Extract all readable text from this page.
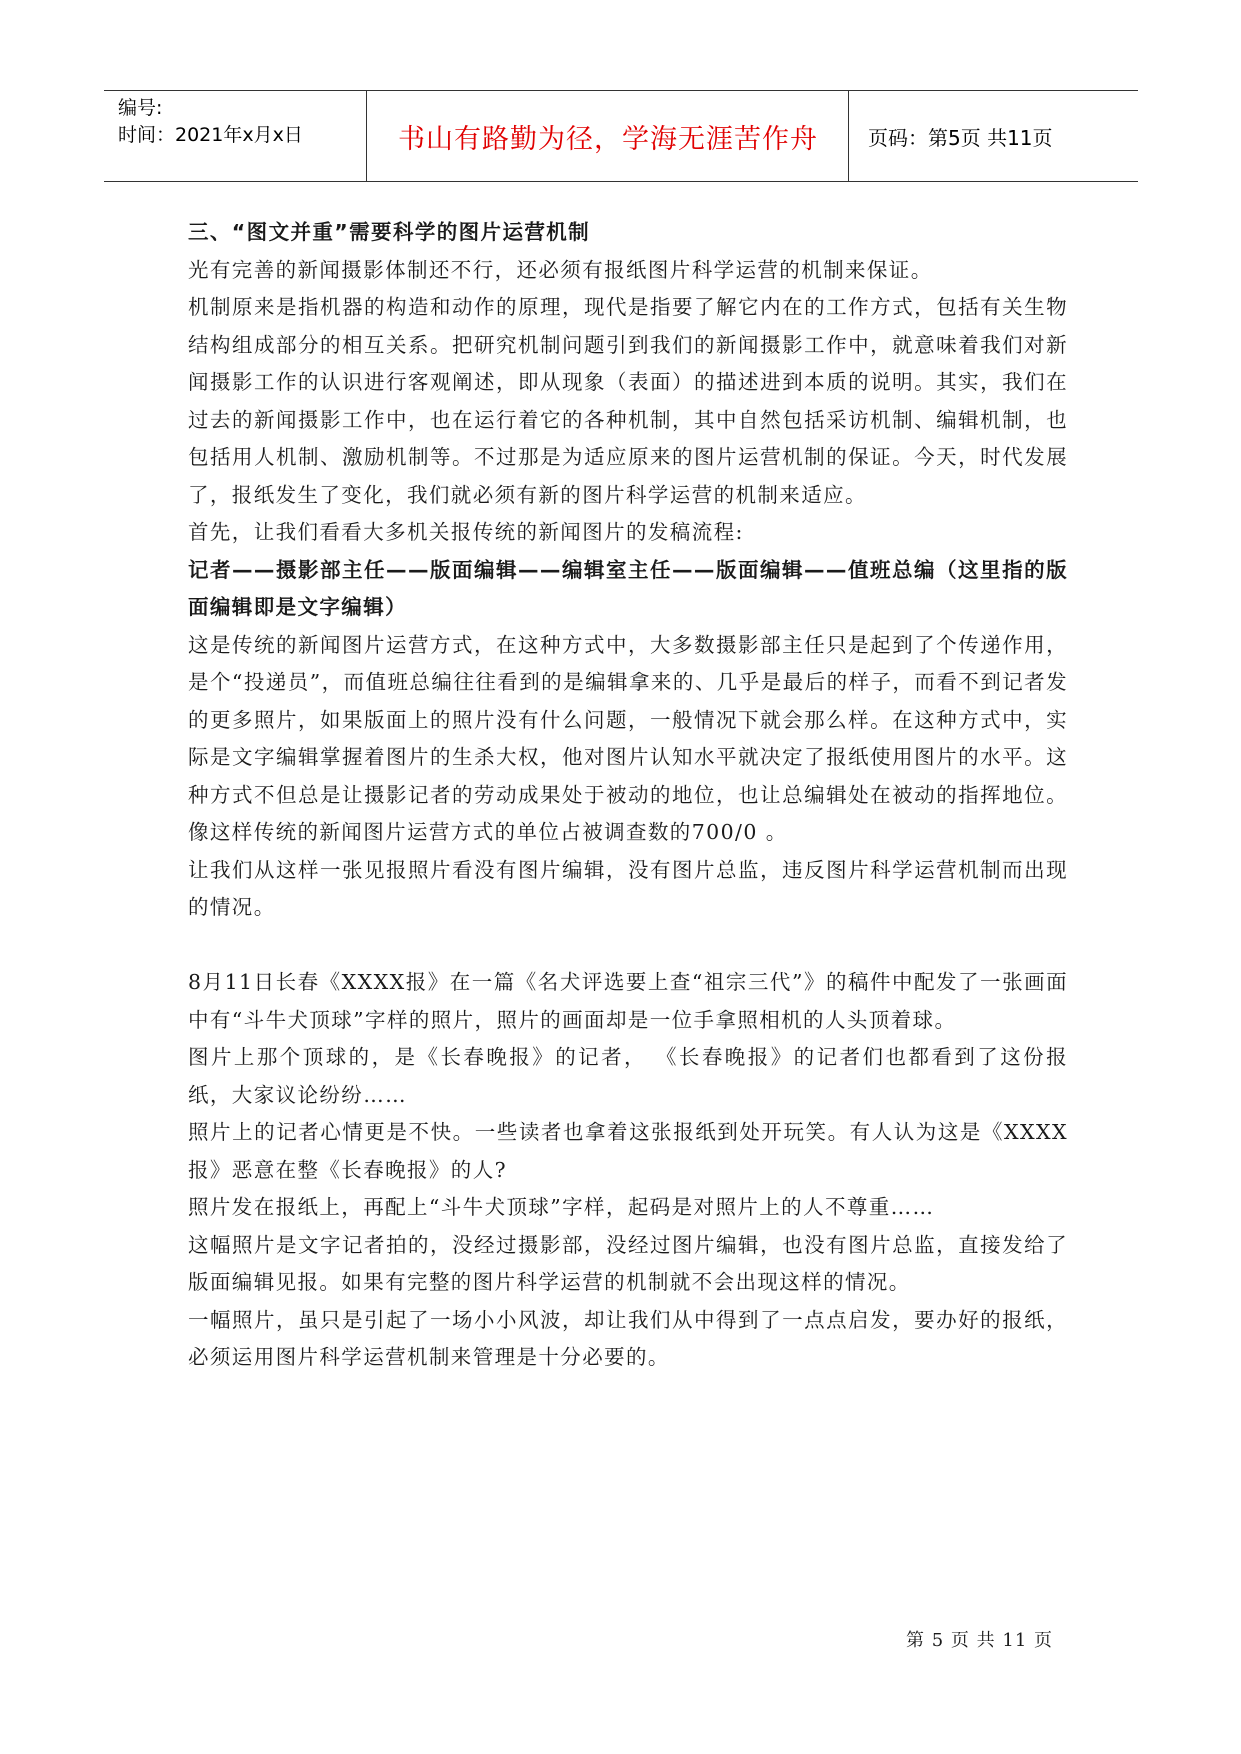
编号:
时间：2021年x月x日	书山有路勤为径，学海无涯苦作舟	页码：第5页 共11页

三、“图文并重”需要科学的图片运营机制

光有完善的新闻摄影体制还不行，还必须有报纸图片科学运营的机制来保证。

机制原来是指机器的构造和动作的原理，现代是指要了解它内在的工作方式，包括有关生物结构组成部分的相互关系。把研究机制问题引到我们的新闻摄影工作中，就意味着我们对新闻摄影工作的认识进行客观阐述，即从现象（表面）的描述进到本质的说明。其实，我们在过去的新闻摄影工作中，也在运行着它的各种机制，其中自然包括采访机制、编辑机制，也包括用人机制、激励机制等。不过那是为适应原来的图片运营机制的保证。今天，时代发展了，报纸发生了变化，我们就必须有新的图片科学运营的机制来适应。

首先，让我们看看大多机关报传统的新闻图片的发稿流程:

记者——摄影部主任——版面编辑——编辑室主任——版面编辑——值班总编（这里指的版面编辑即是文字编辑）

这是传统的新闻图片运营方式，在这种方式中，大多数摄影部主任只是起到了个传递作用，是个“投递员”，而值班总编往往看到的是编辑拿来的、几乎是最后的样子，而看不到记者发的更多照片，如果版面上的照片没有什么问题，一般情况下就会那么样。在这种方式中，实际是文字编辑掌握着图片的生杀大权，他对图片认知水平就决定了报纸使用图片的水平。这种方式不但总是让摄影记者的劳动成果处于被动的地位，也让总编辑处在被动的指挥地位。像这样传统的新闻图片运营方式的单位占被调查数的700/0 。

让我们从这样一张见报照片看没有图片编辑，没有图片总监，违反图片科学运营机制而出现的情况。

8月11日长春《XXXX报》在一篇《名犬评选要上查“祖宗三代”》的稿件中配发了一张画面中有“斗牛犬顶球”字样的照片，照片的画面却是一位手拿照相机的人头顶着球。

图片上那个顶球的，是《长春晚报》的记者， 《长春晚报》的记者们也都看到了这份报纸，大家议论纷纷……

照片上的记者心情更是不快。一些读者也拿着这张报纸到处开玩笑。有人认为这是《XXXX报》恶意在整《长春晚报》的人?

照片发在报纸上，再配上“斗牛犬顶球”字样，起码是对照片上的人不尊重……

这幅照片是文字记者拍的，没经过摄影部，没经过图片编辑，也没有图片总监，直接发给了版面编辑见报。如果有完整的图片科学运营的机制就不会出现这样的情况。

一幅照片，虽只是引起了一场小小风波，却让我们从中得到了一点点启发，要办好的报纸，必须运用图片科学运营机制来管理是十分必要的。

第 5 页 共 11 页
